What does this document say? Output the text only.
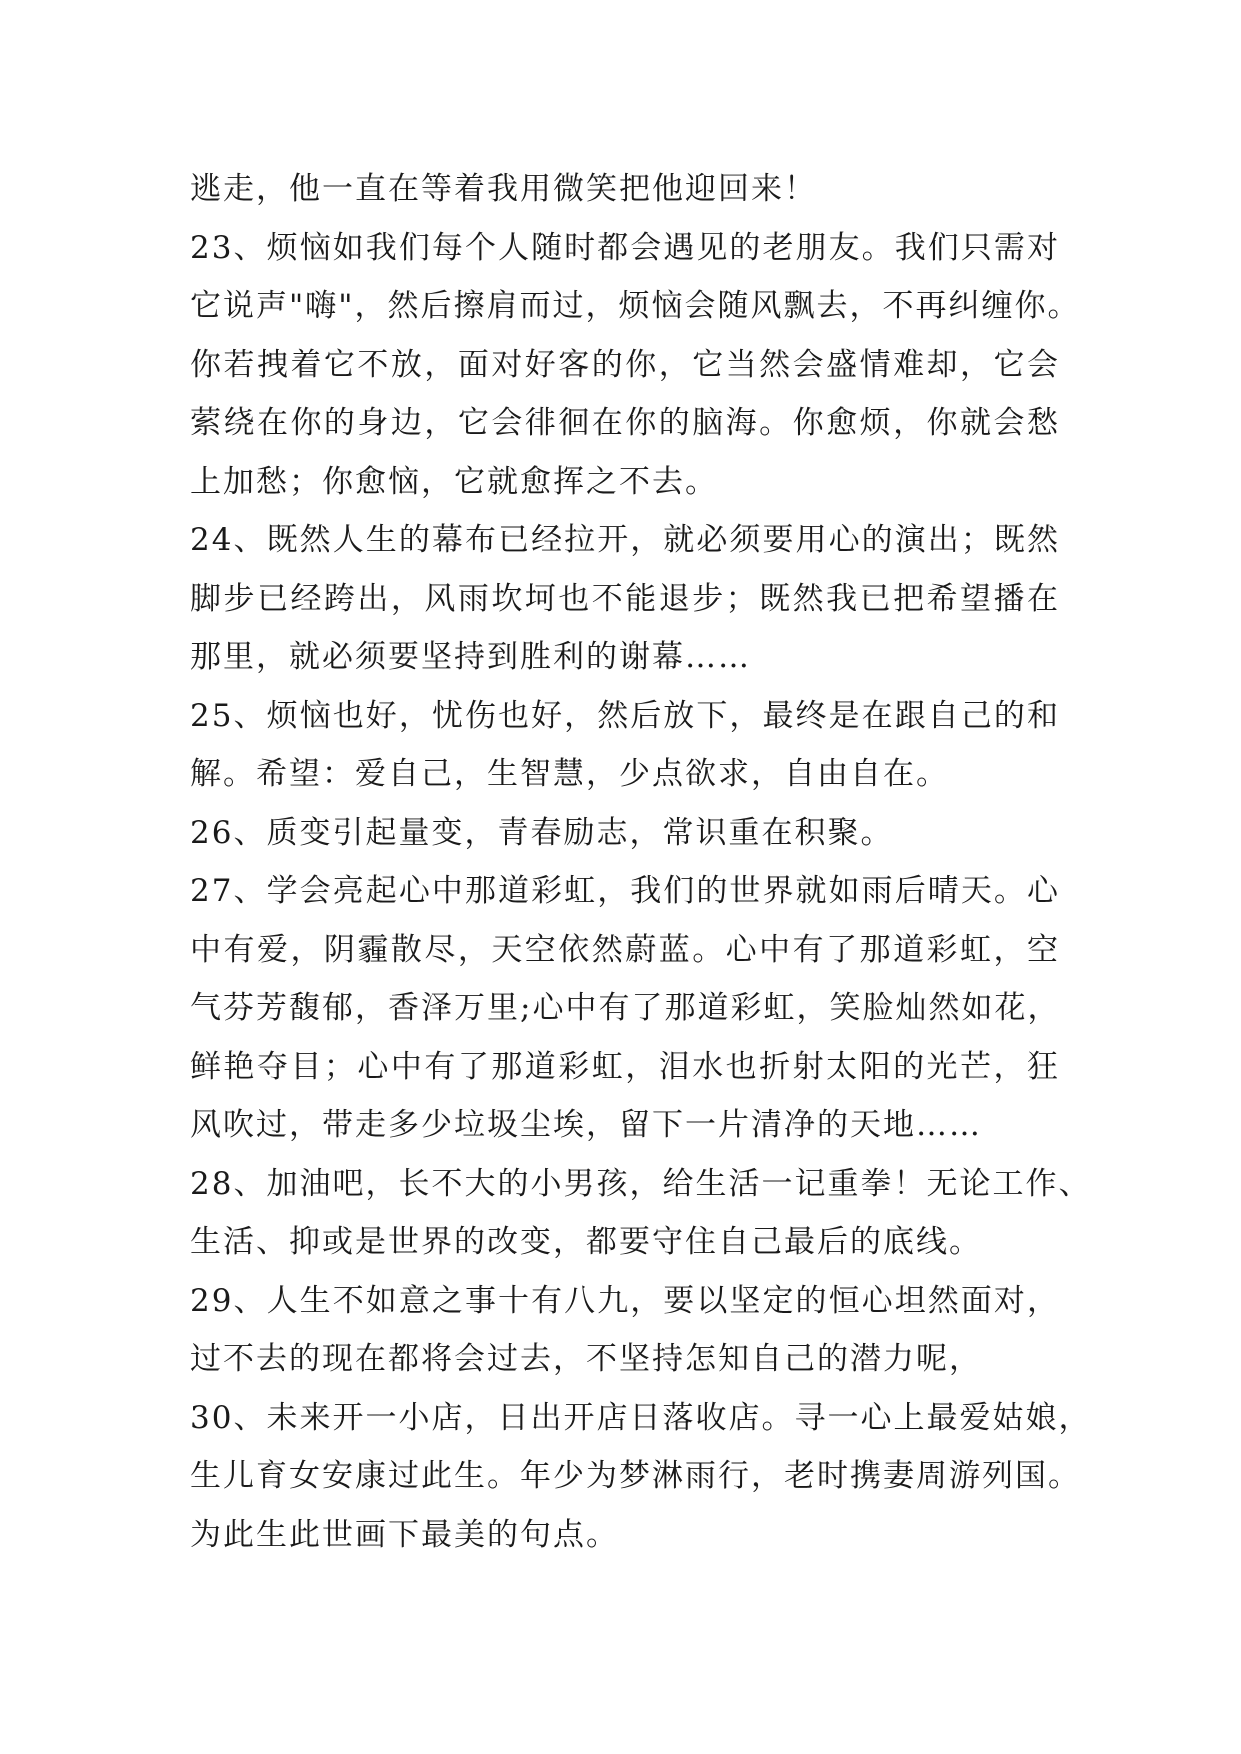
逃走，他一直在等着我用微笑把他迎回来！
23、烦恼如我们每个人随时都会遇见的老朋友。我们只需对
它说声"嗨"，然后擦肩而过，烦恼会随风飘去，不再纠缠你。
你若拽着它不放，面对好客的你，它当然会盛情难却，它会
萦绕在你的身边，它会徘徊在你的脑海。你愈烦，你就会愁
上加愁；你愈恼，它就愈挥之不去。
24、既然人生的幕布已经拉开，就必须要用心的演出；既然
脚步已经跨出，风雨坎坷也不能退步；既然我已把希望播在
那里，就必须要坚持到胜利的谢幕……
25、烦恼也好，忧伤也好，然后放下，最终是在跟自己的和
解。希望：爱自己，生智慧，少点欲求，自由自在。
26、质变引起量变，青春励志，常识重在积聚。
27、学会亮起心中那道彩虹，我们的世界就如雨后晴天。心
中有爱，阴霾散尽，天空依然蔚蓝。心中有了那道彩虹，空
气芬芳馥郁，香泽万里;心中有了那道彩虹，笑脸灿然如花，
鲜艳夺目；心中有了那道彩虹，泪水也折射太阳的光芒，狂
风吹过，带走多少垃圾尘埃，留下一片清净的天地……
28、加油吧，长不大的小男孩，给生活一记重拳！无论工作、
生活、抑或是世界的改变，都要守住自己最后的底线。
29、人生不如意之事十有八九，要以坚定的恒心坦然面对，
过不去的现在都将会过去，不坚持怎知自己的潜力呢，
30、未来开一小店，日出开店日落收店。寻一心上最爱姑娘，
生儿育女安康过此生。年少为梦淋雨行，老时携妻周游列国。
为此生此世画下最美的句点。
